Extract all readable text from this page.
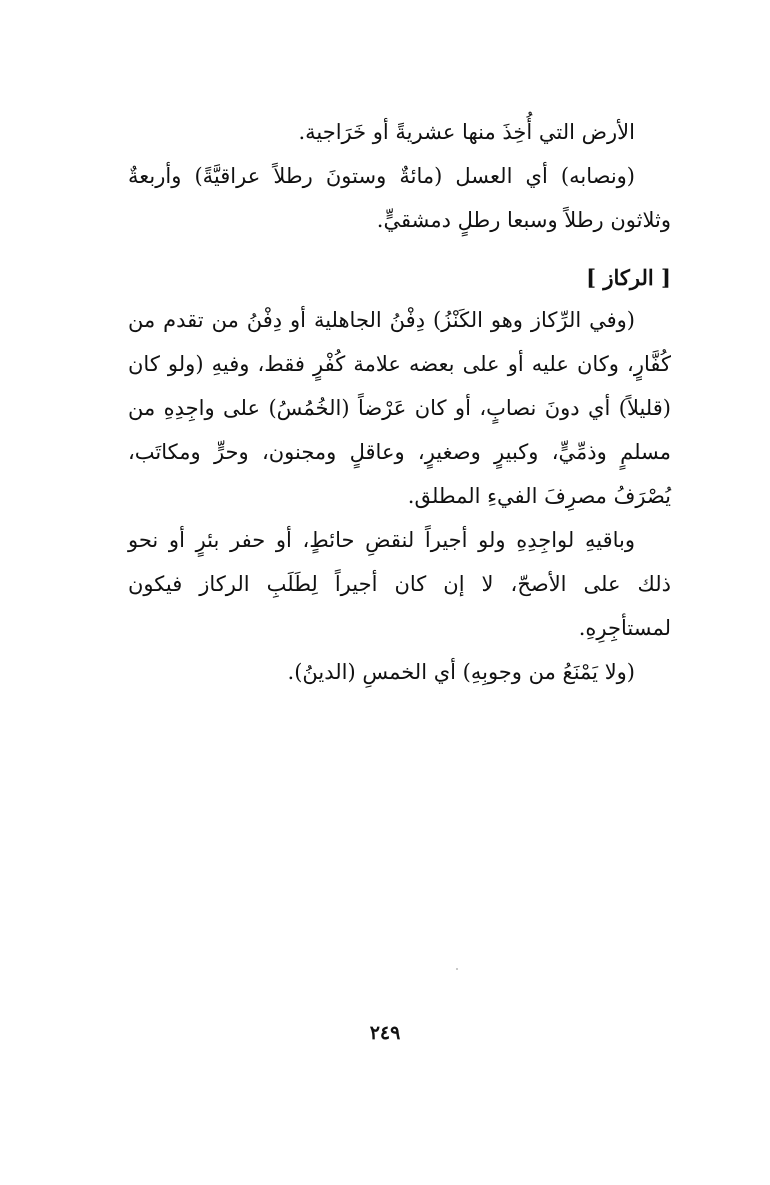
الأرض التي أُخِذَ منها عشريةً أو خَرَاجية.

(ونصابه) أي العسل (مائةٌ وستونَ رطلاً عراقيَّةً) وأربعةٌ وثلاثون رطلاً وسبعا رطلٍ دمشقيٍّ.

[ الركاز ]

(وفي الرِّكاز وهو الكَنْزُ) دِفْنُ الجاهلية أو دِفْنُ من تقدم من كُفَّارٍ، وكان عليه أو على بعضه علامة كُفْرٍ فقط، وفيهِ (ولو كان (قليلاً) أي دونَ نصابٍ، أو كان عَرْضاً (الخُمُسُ) على واجِدِهِ من مسلمٍ وذمِّيٍّ، وكبيرٍ وصغيرٍ، وعاقلٍ ومجنون، وحرٍّ ومكاتَب، يُصْرَفُ مصرِفَ الفيءِ المطلق.

وباقيهِ لواجِدِهِ ولو أجيراً لنقضِ حائطٍ، أو حفر بئرٍ أو نحو ذلك على الأصحّ، لا إن كان أجيراً لِطَلَبِ الركاز فيكون لمستأجِرِهِ.

(ولا يَمْنَعُ من وجوبِهِ) أي الخمسِ (الدينُ).

٢٤٩
